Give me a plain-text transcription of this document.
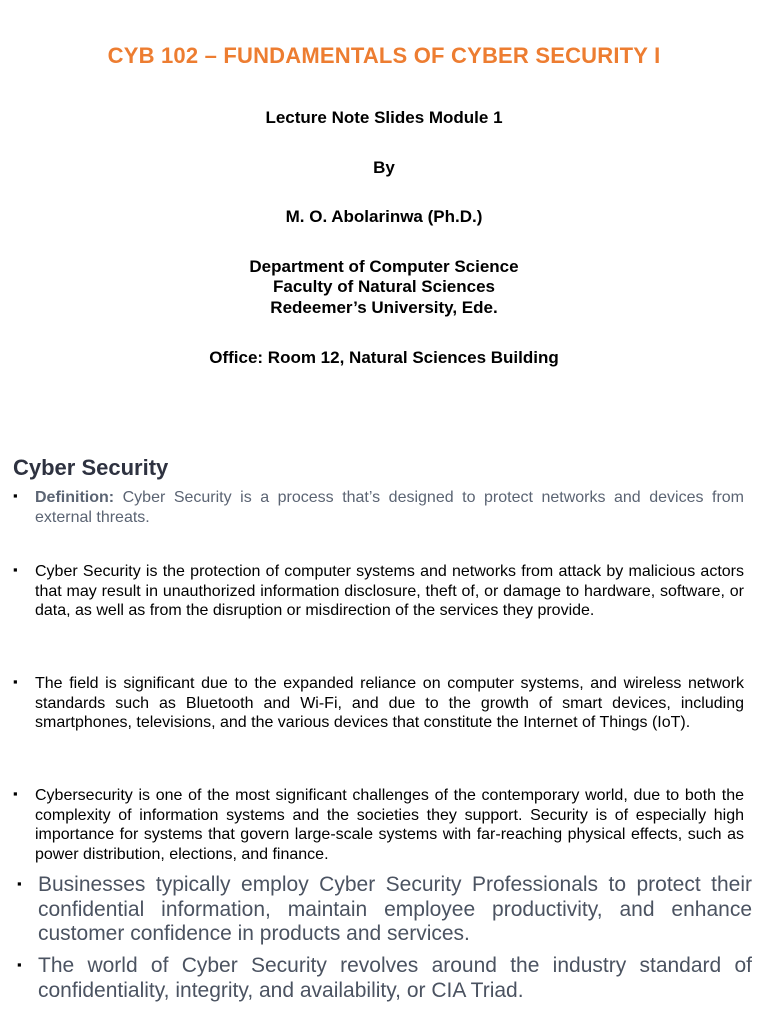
CYB 102 – FUNDAMENTALS OF CYBER SECURITY I
Lecture Note Slides Module 1
By
M. O. Abolarinwa (Ph.D.)
Department of Computer Science
Faculty of Natural Sciences
Redeemer’s University, Ede.
Office: Room 12, Natural Sciences Building
Cyber Security
▪ Definition: Cyber Security is a process that’s designed to protect networks and devices from external threats.
▪ Cyber Security is the protection of computer systems and networks from attack by malicious actors that may result in unauthorized information disclosure, theft of, or damage to hardware, software, or data, as well as from the disruption or misdirection of the services they provide.
▪ The field is significant due to the expanded reliance on computer systems, and wireless network standards such as Bluetooth and Wi-Fi, and due to the growth of smart devices, including smartphones, televisions, and the various devices that constitute the Internet of Things (IoT).
▪ Cybersecurity is one of the most significant challenges of the contemporary world, due to both the complexity of information systems and the societies they support. Security is of especially high importance for systems that govern large-scale systems with far-reaching physical effects, such as power distribution, elections, and finance.
▪ Businesses typically employ Cyber Security Professionals to protect their confidential information, maintain employee productivity, and enhance customer confidence in products and services.
▪ The world of Cyber Security revolves around the industry standard of confidentiality, integrity, and availability, or CIA Triad.
